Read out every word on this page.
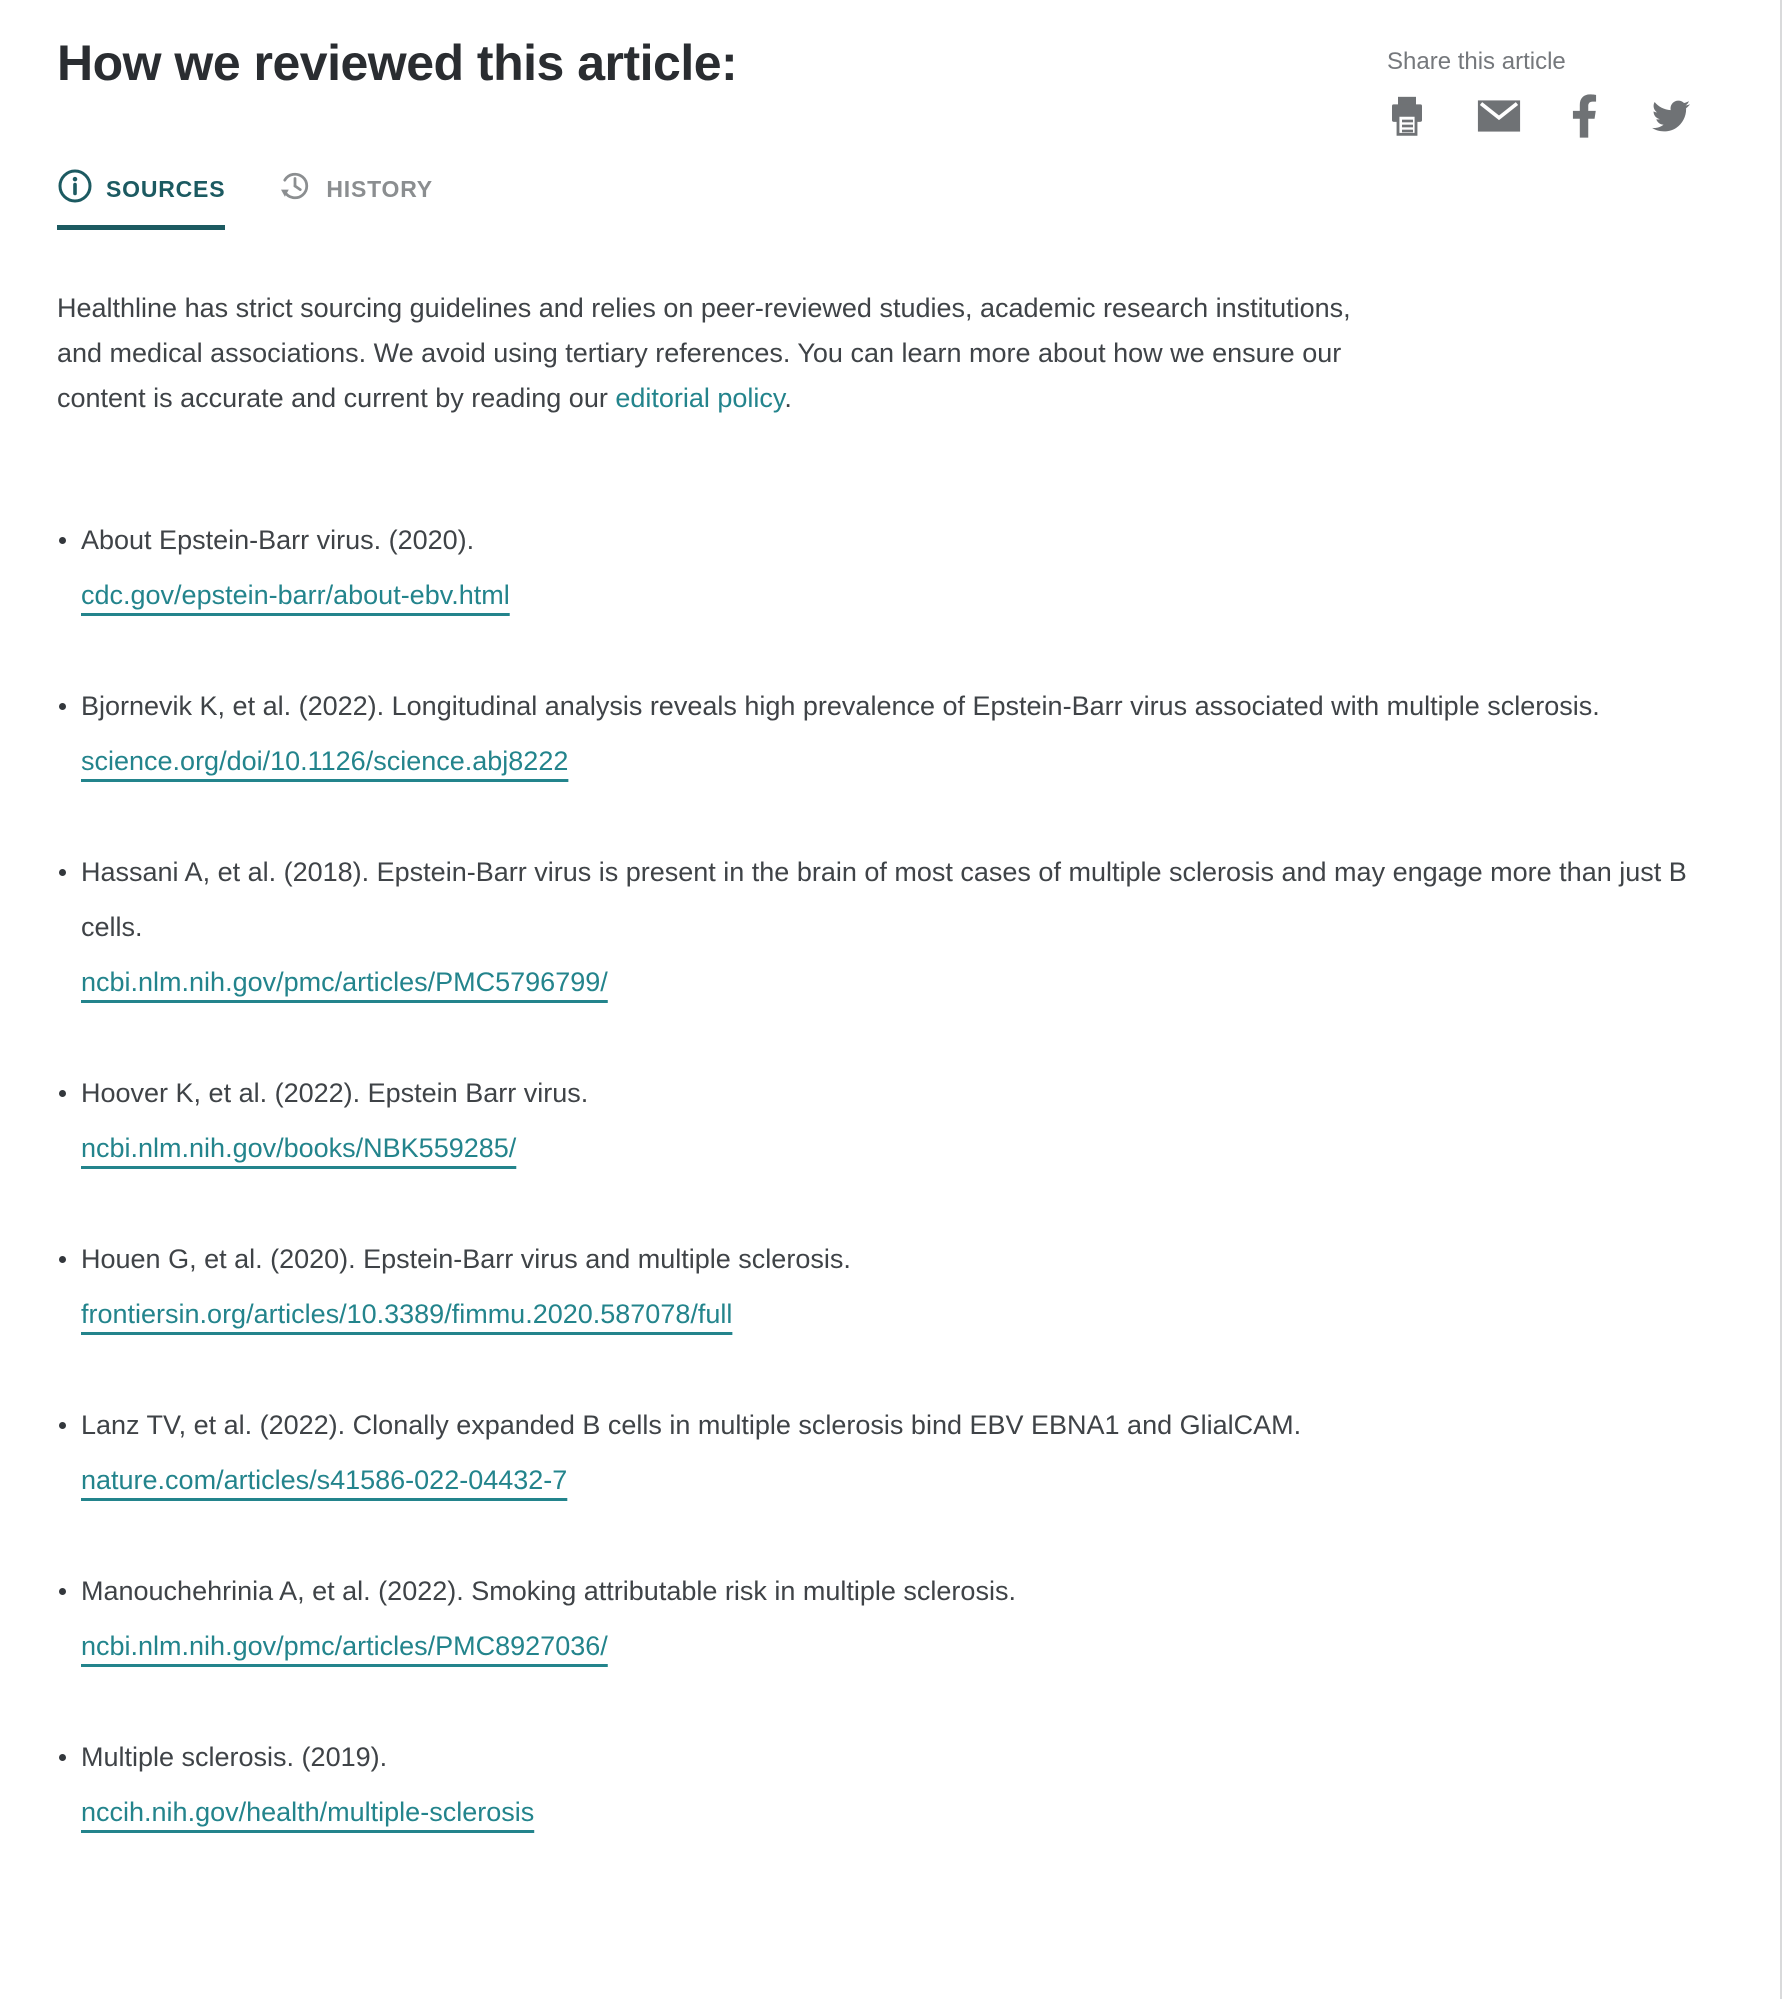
How we reviewed this article:	Share this article
SOURCES	HISTORY

Healthline has strict sourcing guidelines and relies on peer-reviewed studies, academic research institutions, and medical associations. We avoid using tertiary references. You can learn more about how we ensure our content is accurate and current by reading our editorial policy.

About Epstein-Barr virus. (2020).
cdc.gov/epstein-barr/about-ebv.html
Bjornevik K, et al. (2022). Longitudinal analysis reveals high prevalence of Epstein-Barr virus associated with multiple sclerosis.
science.org/doi/10.1126/science.abj8222
Hassani A, et al. (2018). Epstein-Barr virus is present in the brain of most cases of multiple sclerosis and may engage more than just B cells.
ncbi.nlm.nih.gov/pmc/articles/PMC5796799/
Hoover K, et al. (2022). Epstein Barr virus.
ncbi.nlm.nih.gov/books/NBK559285/
Houen G, et al. (2020). Epstein-Barr virus and multiple sclerosis.
frontiersin.org/articles/10.3389/fimmu.2020.587078/full
Lanz TV, et al. (2022). Clonally expanded B cells in multiple sclerosis bind EBV EBNA1 and GlialCAM.
nature.com/articles/s41586-022-04432-7
Manouchehrinia A, et al. (2022). Smoking attributable risk in multiple sclerosis.
ncbi.nlm.nih.gov/pmc/articles/PMC8927036/
Multiple sclerosis. (2019).
nccih.nih.gov/health/multiple-sclerosis
